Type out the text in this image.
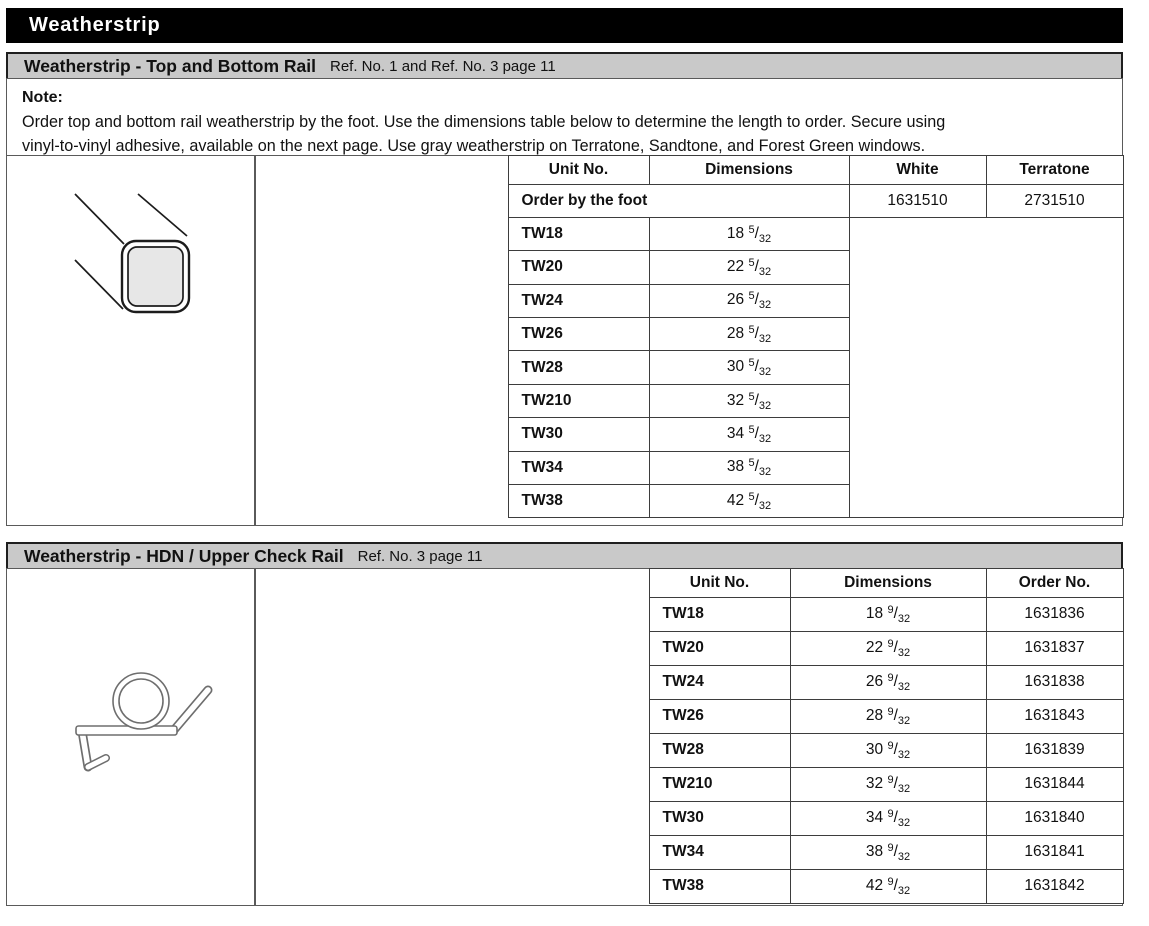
Weatherstrip
Weatherstrip - Top and Bottom Rail Ref. No. 1 and Ref. No. 3 page 11
Note:
Order top and bottom rail weatherstrip by the foot. Use the dimensions table below to determine the length to order. Secure using
vinyl-to-vinyl adhesive, available on the next page. Use gray weatherstrip on Terratone, Sandtone, and Forest Green windows.
Unit No.	Dimensions	White	Terratone
Order by the foot		1631510	2731510
TW18	18 $^5/_{32}$	
TW20	22 $^5/_{32}$
TW24	26 $^5/_{32}$
TW26	28 $^5/_{32}$
TW28	30 $^5/_{32}$
TW210	32 $^5/_{32}$
TW30	34 $^5/_{32}$
TW34	38 $^5/_{32}$
TW38	42 $^5/_{32}$
Weatherstrip - HDN / Upper Check Rail Ref. No. 3 page 11
Unit No.	Dimensions	Order No.
TW18	18 $^9/_{32}$	1631836
TW20	22 $^9/_{32}$	1631837
TW24	26 $^9/_{32}$	1631838
TW26	28 $^9/_{32}$	1631843
TW28	30 $^9/_{32}$	1631839
TW210	32 $^9/_{32}$	1631844
TW30	34 $^9/_{32}$	1631840
TW34	38 $^9/_{32}$	1631841
TW38	42 $^9/_{32}$	1631842
